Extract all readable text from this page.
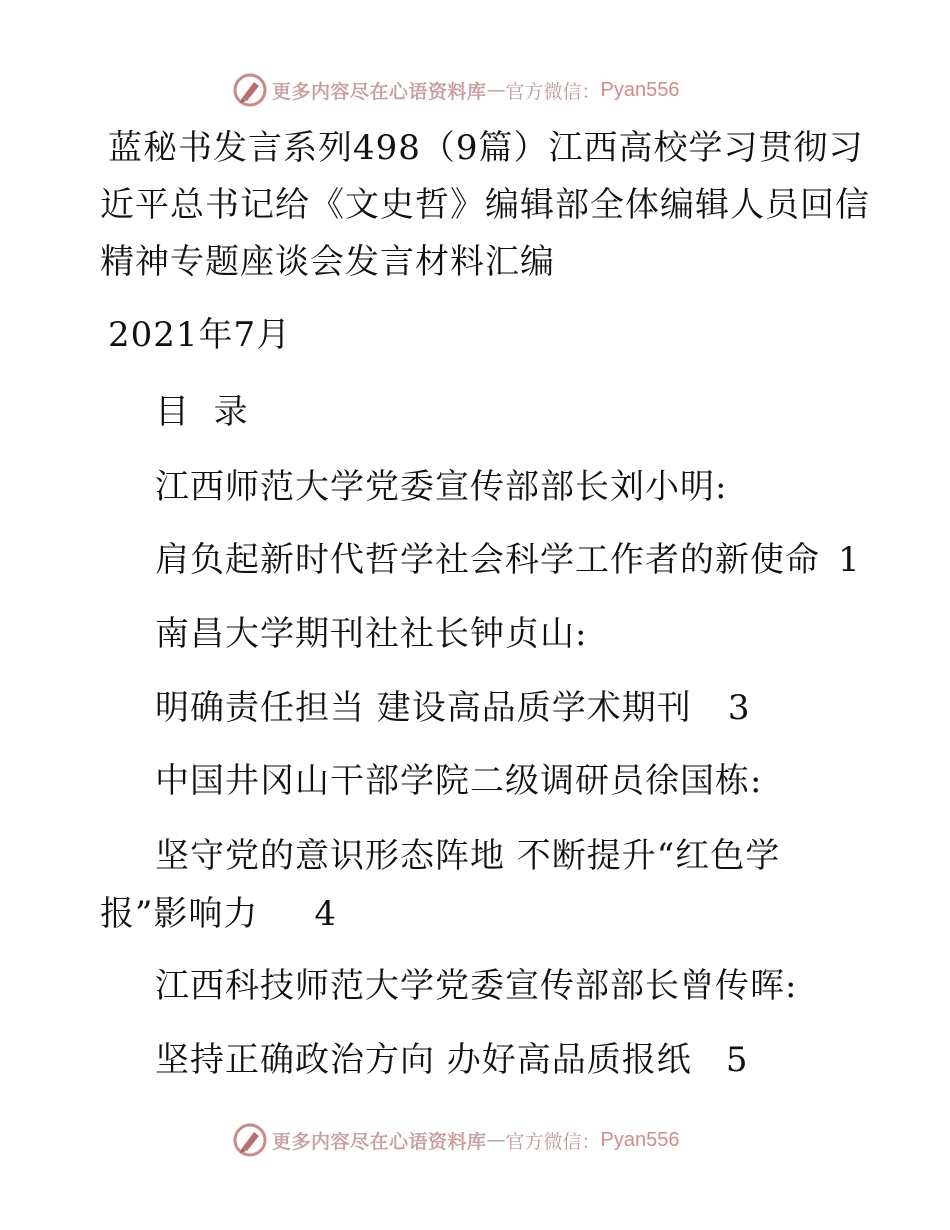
更多内容尽在心语资料库 — 官方微信： Pyan556
蓝秘书发言系列498（9篇）江西高校学习贯彻习
近平总书记给《文史哲》编辑部全体编辑人员回信
精神专题座谈会发言材料汇编
2021年7月
目  录
江西师范大学党委宣传部部长刘小明:
肩负起新时代哲学社会科学工作者的新使命 1
南昌大学期刊社社长钟贞山:
明确责任担当 建设高品质学术期刊 3
中国井冈山干部学院二级调研员徐国栋:
坚守党的意识形态阵地 不断提升“红色学
报”影响力 4
江西科技师范大学党委宣传部部长曾传晖:
坚持正确政治方向 办好高品质报纸 5
更多内容尽在心语资料库 — 官方微信： Pyan556
